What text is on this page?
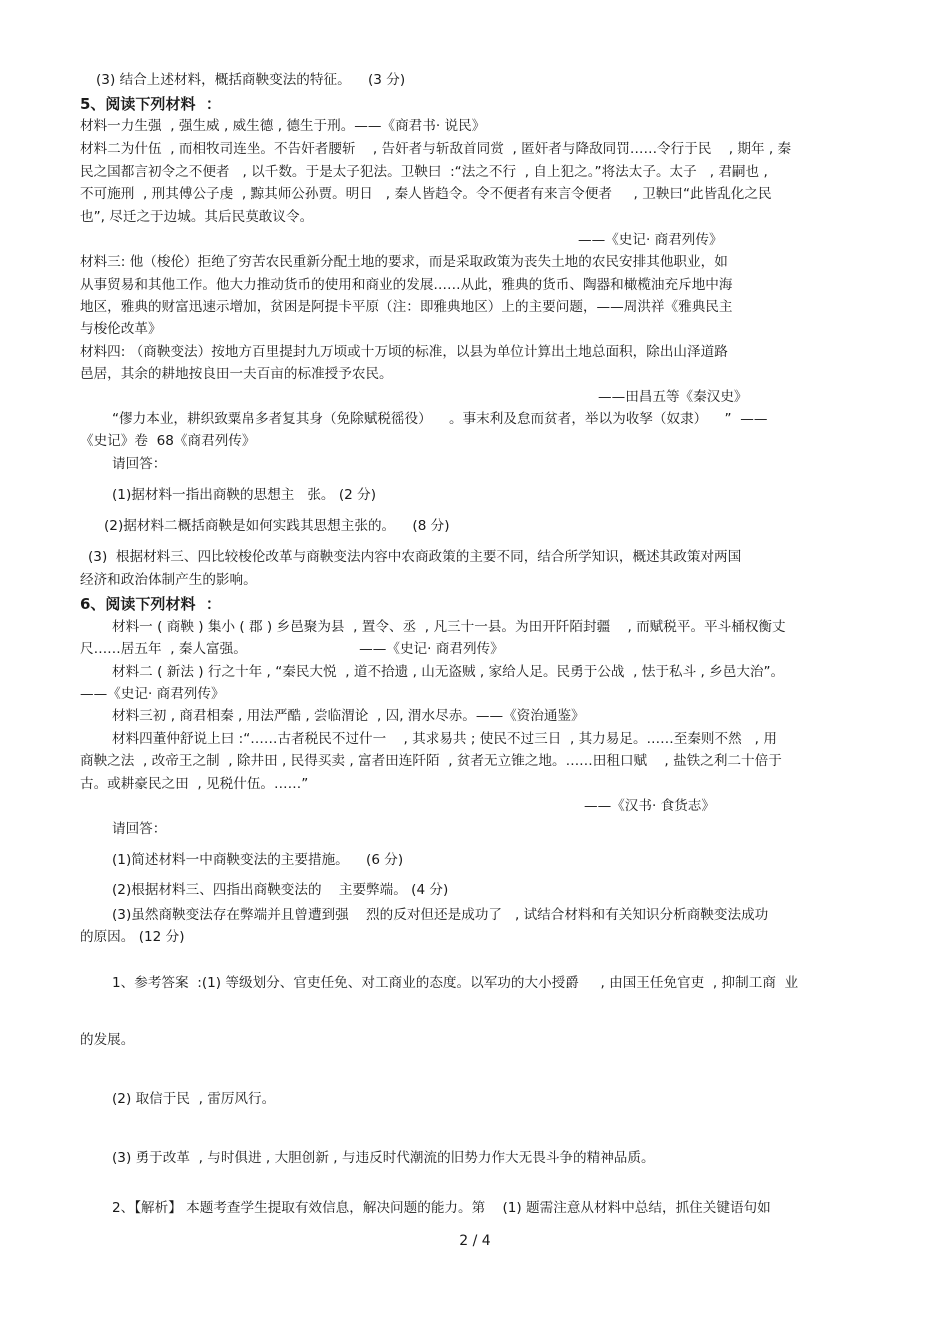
(3) 结合上述材料，概括商鞅变法的特征。    (3 分)
5、阅读下列材料  ：
材料一力生强  , 强生威 , 威生德 , 德生于刑。——《商君书· 说民》
材料二为什伍  , 而相牧司连坐。不告奸者腰斩    , 告奸者与斩敌首同赏  , 匿奸者与降敌同罚……令行于民    , 期年 , 秦
民之国都言初令之不便者   , 以千数。于是太子犯法。卫鞅曰  :“法之不行  , 自上犯之。”将法太子。太子   , 君嗣也 ,
不可施刑  , 刑其傅公子虔  , 黥其师公孙贾。明日   , 秦人皆趋令。令不便者有来言令便者     , 卫鞅曰“此皆乱化之民
也”, 尽迁之于边城。其后民莫敢议令。
——《史记· 商君列传》
材料三: 他（梭伦）拒绝了穷苦农民重新分配土地的要求，而是采取政策为丧失土地的农民安排其他职业，如
从事贸易和其他工作。他大力推动货币的使用和商业的发展……从此，雅典的货币、陶器和橄榄油充斥地中海
地区，雅典的财富迅速示增加，贫困是阿提卡平原（注：即雅典地区）上的主要问题，——周洪祥《雅典民主
与梭伦改革》
材料四: （商鞅变法）按地方百里提封九万顷或十万顷的标准，以县为单位计算出土地总面积，除出山泽道路
邑居，其余的耕地按良田一夫百亩的标准授予农民。
——田昌五等《秦汉史》
“僇力本业，耕织致粟帛多者复其身（免除赋税徭役）    。事末利及怠而贫者，举以为收孥（奴隶）    ”  ——
《史记》卷  68《商君列传》
请回答：
(1)据材料一指出商鞅的思想主   张。 (2 分)
(2)据材料二概括商鞅是如何实践其思想主张的。    (8 分)
(3)  根据材料三、四比较梭伦改革与商鞅变法内容中农商政策的主要不同，结合所学知识，概述其政策对两国
经济和政治体制产生的影响。
6、阅读下列材料  ：
材料一 ( 商鞅 ) 集小 ( 郡 ) 乡邑聚为县  , 置令、丞  , 凡三十一县。为田开阡陌封疆    , 而赋税平。平斗桶权衡丈
尺……居五年  , 秦人富强。                          ——《史记· 商君列传》
材料二 ( 新法 ) 行之十年 , “秦民大悦  , 道不拾遗 , 山无盗贼 , 家给人足。民勇于公战  , 怯于私斗 , 乡邑大治”。
——《史记· 商君列传》
材料三初 , 商君相秦 , 用法严酷 , 尝临渭论  , 囚, 渭水尽赤。——《资治通鉴》
材料四董仲舒说上曰 :“……古者税民不过什一    , 其求易共 ; 使民不过三日  , 其力易足。……至秦则不然   , 用
商鞅之法  , 改帝王之制  , 除井田 , 民得买卖 , 富者田连阡陌  , 贫者无立锥之地。……田租口赋    , 盐铁之利二十倍于
古。或耕豪民之田  , 见税什伍。……”
——《汉书· 食货志》
请回答：
(1)简述材料一中商鞅变法的主要措施。    (6 分)
(2)根据材料三、四指出商鞅变法的    主要弊端。 (4 分)
(3)虽然商鞅变法存在弊端并且曾遭到强    烈的反对但还是成功了   , 试结合材料和有关知识分析商鞅变法成功
的原因。 (12 分)
1、参考答案  :(1) 等级划分、官吏任免、对工商业的态度。以军功的大小授爵     , 由国王任免官吏  , 抑制工商  业
的发展。
(2) 取信于民  , 雷厉风行。
(3) 勇于改革  , 与时俱进 , 大胆创新 , 与违反时代潮流的旧势力作大无畏斗争的精神品质。
2、【解析】 本题考查学生提取有效信息，解决问题的能力。第    (1) 题需注意从材料中总结，抓住关键语句如
2 / 4
